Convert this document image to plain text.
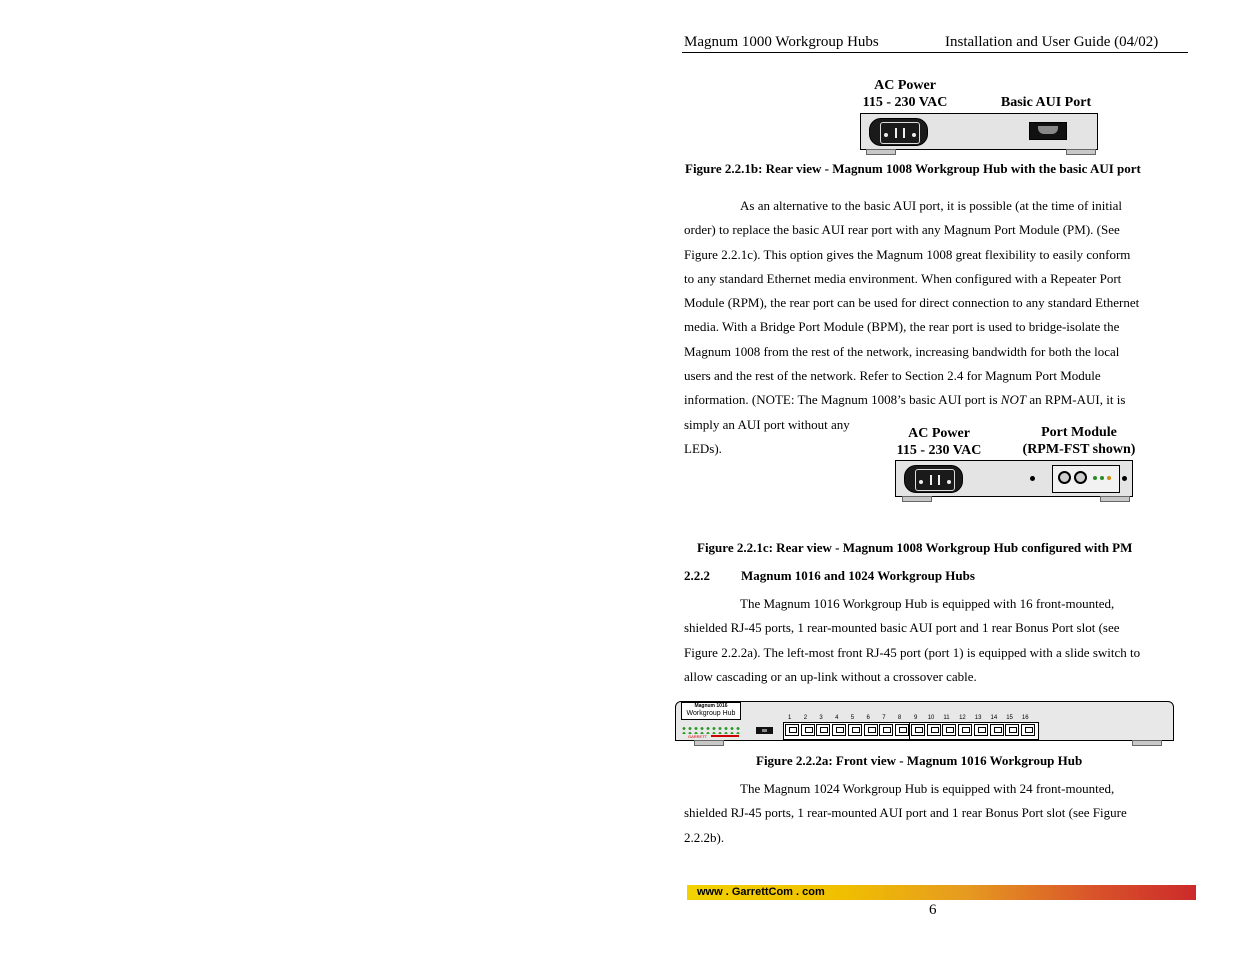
Magnum 1000 Workgroup Hubs	Installation and User Guide (04/02)
AC Power
115 - 230 VAC	Basic AUI Port
Figure 2.2.1b: Rear view - Magnum 1008 Workgroup Hub with the basic AUI port

As an alternative to the basic AUI port, it is possible (at the time of initial

order) to replace the basic AUI rear port with any Magnum Port Module (PM). (See

Figure 2.2.1c). This option gives the Magnum 1008 great flexibility to easily conform

to any standard Ethernet media environment. When configured with a Repeater Port

Module (RPM), the rear port can be used for direct connection to any standard Ethernet

media. With a Bridge Port Module (BPM), the rear port is used to bridge-isolate the

Magnum 1008 from the rest of the network, increasing bandwidth for both the local

users and the rest of the network. Refer to Section 2.4 for Magnum Port Module

information. (NOTE: The Magnum 1008’s basic AUI port is NOT an RPM-AUI, it is

simply an AUI port without any

LEDs).

AC Power
115 - 230 VAC
Port Module
(RPM-FST shown)
Figure 2.2.1c: Rear view - Magnum 1008 Workgroup Hub configured with PM
2.2.2 Magnum 1016 and 1024 Workgroup Hubs

The Magnum 1016 Workgroup Hub is equipped with 16 front-mounted,

shielded RJ-45 ports, 1 rear-mounted basic AUI port and 1 rear Bonus Port slot (see

Figure 2.2.2a). The left-most front RJ-45 port (port 1) is equipped with a slide switch to

allow cascading or an up-link without a crossover cable.

Magnum 1016
Workgroup Hub
GARRETT
1 2 3 4 5 6 7 8 9 10 11 12 13 14 15 16
Figure 2.2.2a: Front view - Magnum 1016 Workgroup Hub

The Magnum 1024 Workgroup Hub is equipped with 24 front-mounted,

shielded RJ-45 ports, 1 rear-mounted AUI port and 1 rear Bonus Port slot (see Figure

2.2.2b).

www . GarrettCom . com
6
